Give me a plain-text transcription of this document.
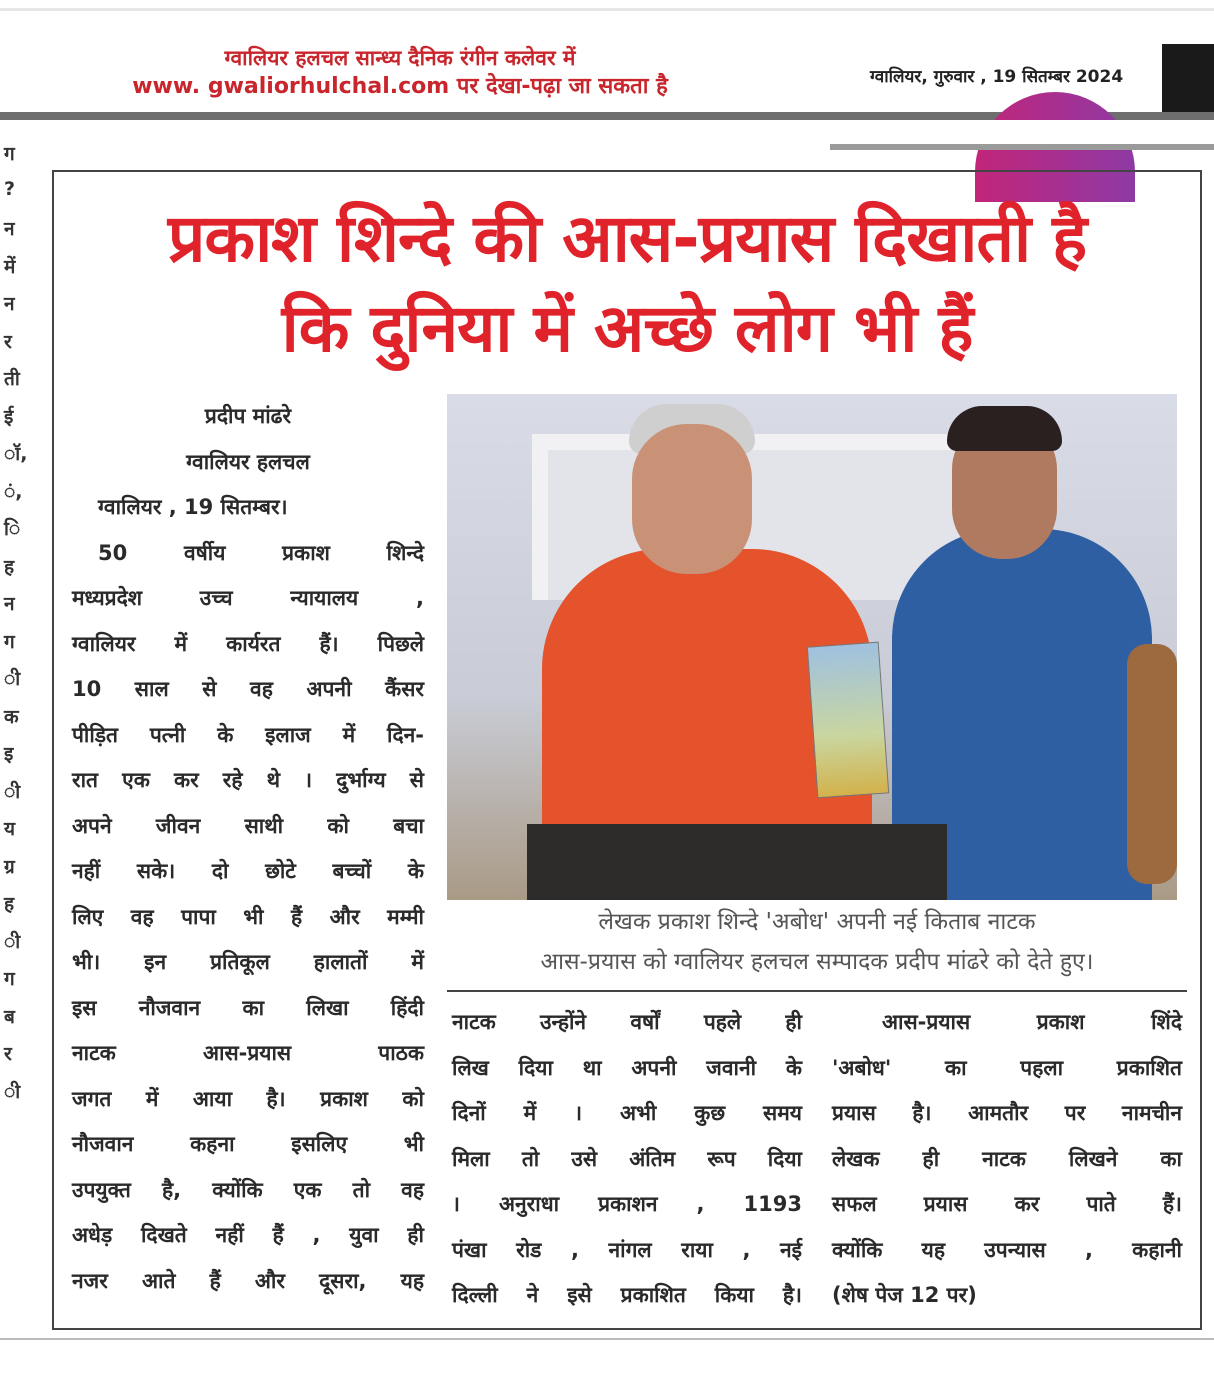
ग्वालियर हलचल सान्ध्य दैनिक रंगीन कलेवर में
www. gwaliorhulchal.com पर देखा-पढ़ा जा सकता है	ग्वालियर, गुरुवार , 19 सितम्बर 2024
ग
?
न
में
न
र
ती
ई
ॉ,
ं,
ि
ह
न
ग
ी
क
इ
ी
य
ग्र
ह
ी
ग
ब
र
ी
प्रकाश शिन्दे की आस-प्रयास दिखाती है
कि दुनिया में अच्छे लोग भी हैं
प्रदीप मांढरे
ग्वालियर हलचल
ग्वालियर , 19 सितम्बर।
50 वर्षीय प्रकाश शिन्दे
मध्यप्रदेश उच्च न्यायालय ,
ग्वालियर में कार्यरत हैं। पिछले
10 साल से वह अपनी कैंसर
पीड़ित पत्नी के इलाज में दिन-
रात एक कर रहे थे । दुर्भाग्य से
अपने जीवन साथी को बचा
नहीं सके। दो छोटे बच्चों के
लिए वह पापा भी हैं और मम्मी
भी। इन प्रतिकूल हालातों में
इस नौजवान का लिखा हिंदी
नाटक आस-प्रयास पाठक
जगत में आया है। प्रकाश को
नौजवान कहना इसलिए भी
उपयुक्त है, क्योंकि एक तो वह
अधेड़ दिखते नहीं हैं , युवा ही
नजर आते हैं और दूसरा, यह
लेखक प्रकाश शिन्दे 'अबोध' अपनी नई किताब नाटक
आस-प्रयास को ग्वालियर हलचल सम्पादक प्रदीप मांढरे को देते हुए।
नाटक उन्होंने वर्षों पहले ही
लिख दिया था अपनी जवानी के
दिनों में । अभी कुछ समय
मिला तो उसे अंतिम रूप दिया
। अनुराधा प्रकाशन , 1193
पंखा रोड , नांगल राया , नई
दिल्ली ने इसे प्रकाशित किया है।
आस-प्रयास प्रकाश शिंदे
'अबोध' का पहला प्रकाशित
प्रयास है। आमतौर पर नामचीन
लेखक ही नाटक लिखने का
सफल प्रयास कर पाते हैं।
क्योंकि यह उपन्यास , कहानी
(शेष पेज 12 पर)
